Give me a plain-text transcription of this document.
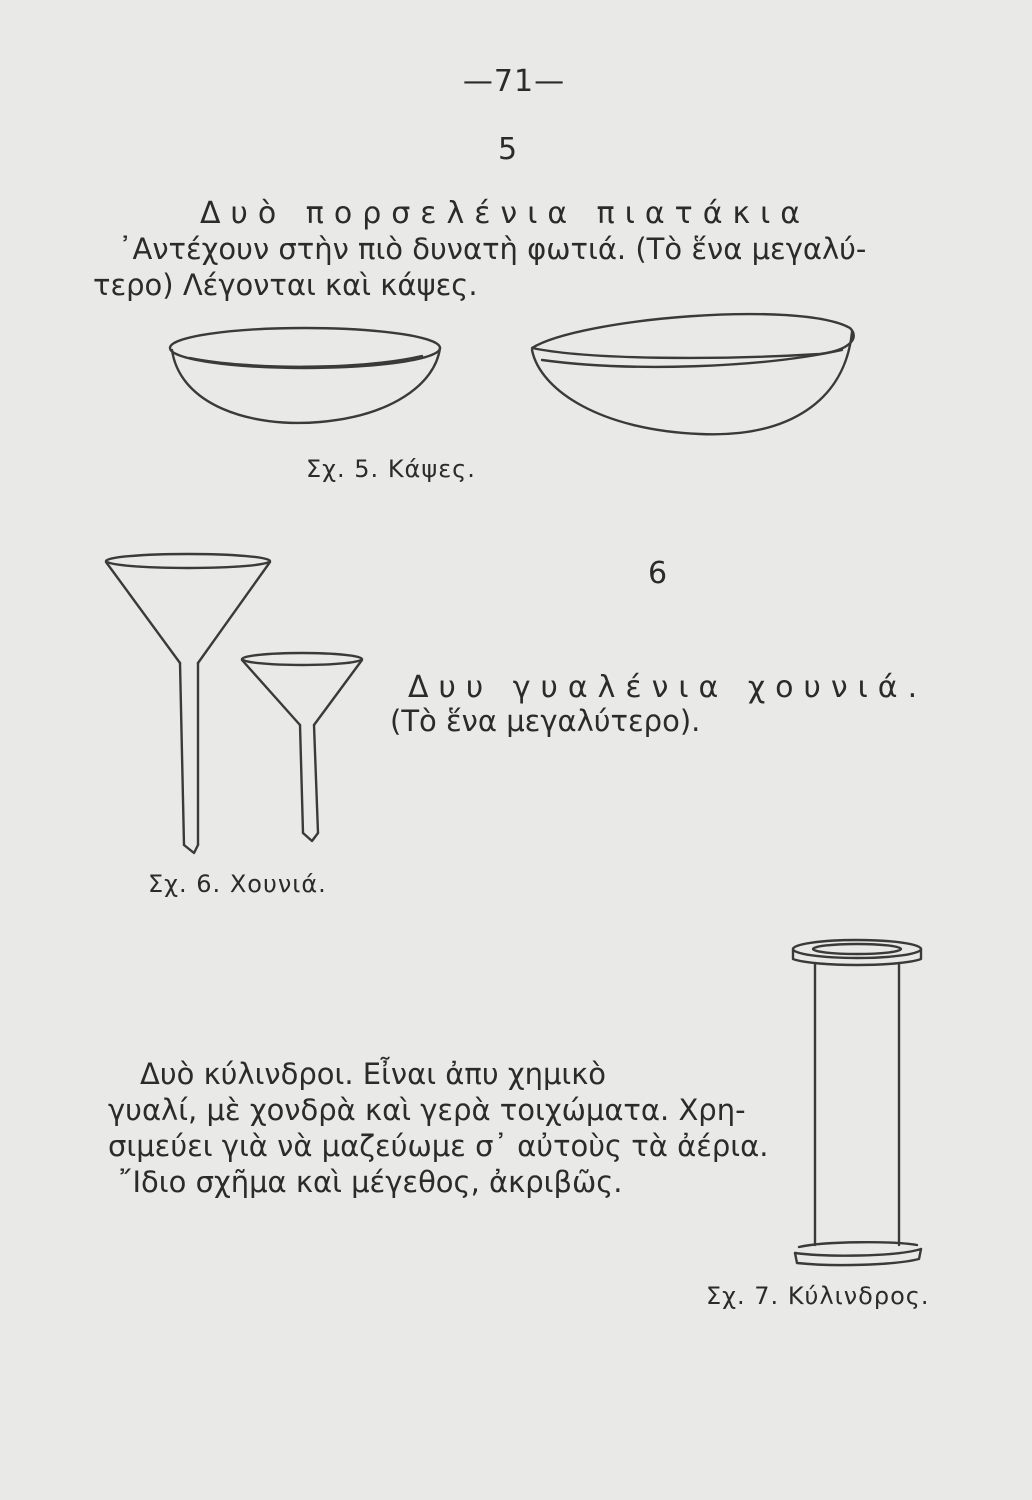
—71—
5
Δυὸ πορσελένια πιατάκια
᾿Αντέχουν στὴν πιὸ δυνατὴ φωτιά. (Τὸ ἕνα μεγαλύ-
τερο) Λέγονται καὶ κάψες.
Σχ. 5. Κάψες.
6
Δυυ γυαλένια χουνιά.
(Τὸ ἕνα μεγαλύτερο).
Σχ. 6. Χουνιά.
Δυὸ κύλινδροι. Εἶναι ἀπυ χημικὸ
γυαλί, μὲ χονδρὰ καὶ γερὰ τοιχώματα. Χρη-
σιμεύει γιὰ νὰ μαζεύωμε σ᾽ αὐτοὺς τὰ ἀέρια.
῎Ιδιο σχῆμα καὶ μέγεθος, ἀκριβῶς.
Σχ. 7. Κύλινδρος.
